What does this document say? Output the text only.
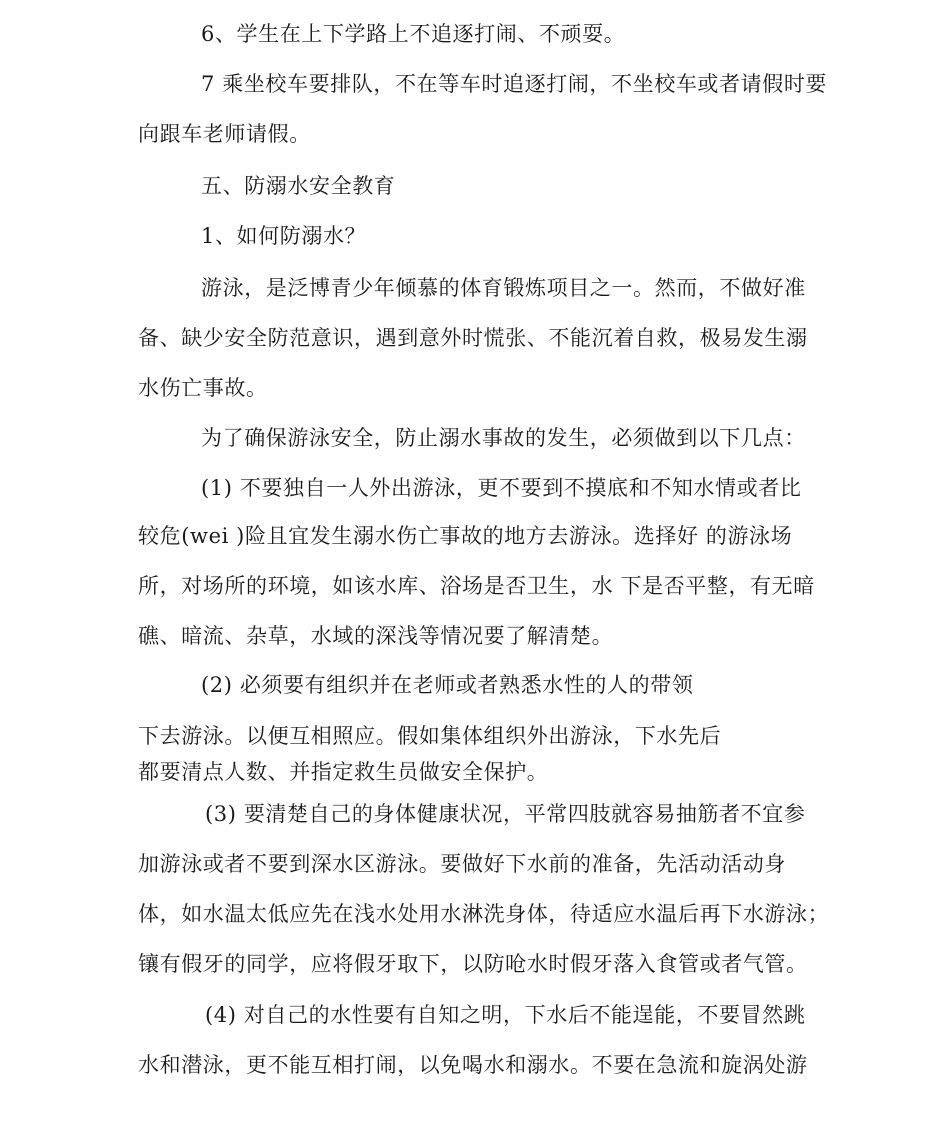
6、学生在上下学路上不追逐打闹、不顽耍。
7 乘坐校车要排队，不在等车时追逐打闹，不坐校车或者请假时要
向跟车老师请假。
五、防溺水安全教育
1、如何防溺水？
游泳，是泛博青少年倾慕的体育锻炼项目之一。然而，不做好准
备、缺少安全防范意识，遇到意外时慌张、不能沉着自救，极易发生溺
水伤亡事故。
为了确保游泳安全，防止溺水事故的发生，必须做到以下几点：
(1) 不要独自一人外出游泳，更不要到不摸底和不知水情或者比
较危(wei )险且宜发生溺水伤亡事故的地方去游泳。选择好 的游泳场
所，对场所的环境，如该水库、浴场是否卫生，水 下是否平整，有无暗
礁、暗流、杂草，水域的深浅等情况要了解清楚。
(2) 必须要有组织并在老师或者熟悉水性的人的带领
下去游泳。以便互相照应。假如集体组织外出游泳，下水先后
都要清点人数、并指定救生员做安全保护。
(3) 要清楚自己的身体健康状况，平常四肢就容易抽筋者不宜参
加游泳或者不要到深水区游泳。要做好下水前的准备，先活动活动身
体，如水温太低应先在浅水处用水淋洗身体，待适应水温后再下水游泳；
镶有假牙的同学，应将假牙取下，以防呛水时假牙落入食管或者气管。
(4) 对自己的水性要有自知之明，下水后不能逞能，不要冒然跳
水和潜泳，更不能互相打闹，以免喝水和溺水。不要在急流和旋涡处游
